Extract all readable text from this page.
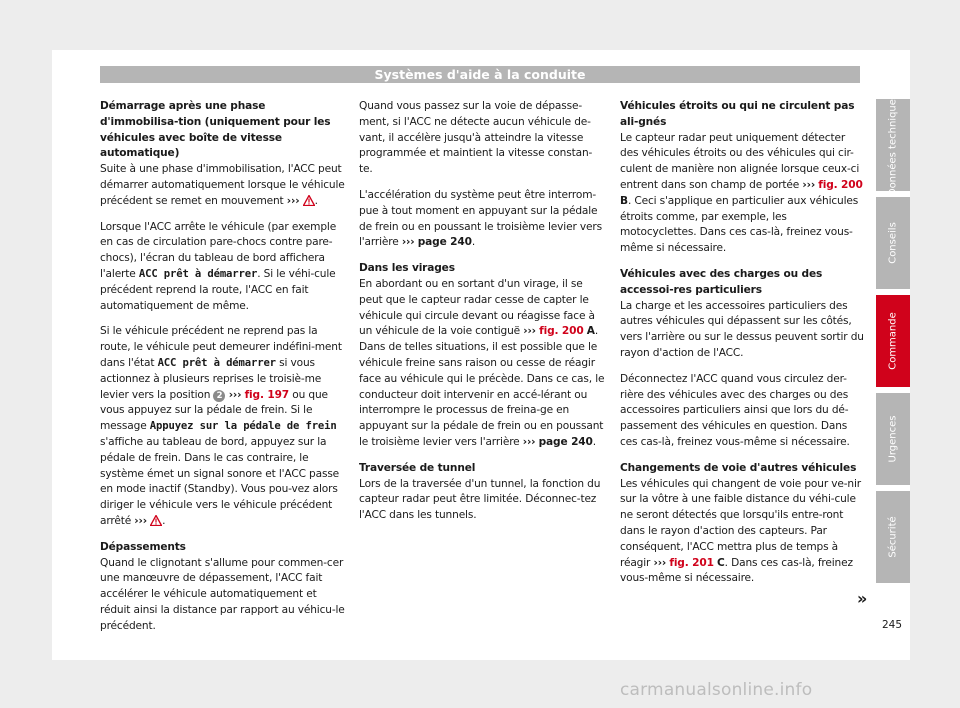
Systèmes d'aide à la conduite
Démarrage après une phase d'immobilisa-tion (uniquement pour les véhicules avec boîte de vitesse automatique)

Suite à une phase d'immobilisation, l'ACC peut démarrer automatiquement lorsque le véhicule précédent se remet en mouvement ››› .

Lorsque l'ACC arrête le véhicule (par exemple en cas de circulation pare-chocs contre pare-chocs), l'écran du tableau de bord affichera l'alerte ACC prêt à démarrer. Si le véhi-cule précédent reprend la route, l'ACC en fait automatiquement de même.

Si le véhicule précédent ne reprend pas la route, le véhicule peut demeurer indéfini-ment dans l'état ACC prêt à démarrer si vous actionnez à plusieurs reprises le troisiè-me levier vers la position 2 ››› fig. 197 ou que vous appuyez sur la pédale de frein. Si le message Appuyez sur la pédale de frein s'affiche au tableau de bord, appuyez sur la pédale de frein. Dans le cas contraire, le système émet un signal sonore et l'ACC passe en mode inactif (Standby). Vous pou-vez alors diriger le véhicule vers le véhicule précédent arrêté ››› .

Dépassements

Quand le clignotant s'allume pour commen-cer une manœuvre de dépassement, l'ACC fait accélérer le véhicule automatiquement et réduit ainsi la distance par rapport au véhicu-le précédent.

Quand vous passez sur la voie de dépasse-ment, si l'ACC ne détecte aucun véhicule de-vant, il accélère jusqu'à atteindre la vitesse programmée et maintient la vitesse constan-te.

L'accélération du système peut être interrom-pue à tout moment en appuyant sur la pédale de frein ou en poussant le troisième levier vers l'arrière ››› page 240.

Dans les virages

En abordant ou en sortant d'un virage, il se peut que le capteur radar cesse de capter le véhicule qui circule devant ou réagisse face à un véhicule de la voie contiguë ››› fig. 200 A. Dans de telles situations, il est possible que le véhicule freine sans raison ou cesse de réagir face au véhicule qui le précède. Dans ce cas, le conducteur doit intervenir en accé-lérant ou interrompre le processus de freina-ge en appuyant sur la pédale de frein ou en poussant le troisième levier vers l'arrière ››› page 240.

Traversée de tunnel

Lors de la traversée d'un tunnel, la fonction du capteur radar peut être limitée. Déconnec-tez l'ACC dans les tunnels.

Véhicules étroits ou qui ne circulent pas ali-gnés

Le capteur radar peut uniquement détecter des véhicules étroits ou des véhicules qui cir-culent de manière non alignée lorsque ceux-ci entrent dans son champ de portée ››› fig. 200 B. Ceci s'applique en particulier aux véhicules étroits comme, par exemple, les motocyclettes. Dans ces cas-là, freinez vous-même si nécessaire.

Véhicules avec des charges ou des accessoi-res particuliers

La charge et les accessoires particuliers des autres véhicules qui dépassent sur les côtés, vers l'arrière ou sur le dessus peuvent sortir du rayon d'action de l'ACC.

Déconnectez l'ACC quand vous circulez der-rière des véhicules avec des charges ou des accessoires particuliers ainsi que lors du dé-passement des véhicules en question. Dans ces cas-là, freinez vous-même si nécessaire.

Changements de voie d'autres véhicules

Les véhicules qui changent de voie pour ve-nir sur la vôtre à une faible distance du véhi-cule ne seront détectés que lorsqu'ils entre-ront dans le rayon d'action des capteurs. Par conséquent, l'ACC mettra plus de temps à réagir ››› fig. 201 C. Dans ces cas-là, freinez vous-même si nécessaire.

Données techniques
Conseils
Commande
Urgences
Sécurité
»
245
carmanualsonline.info
